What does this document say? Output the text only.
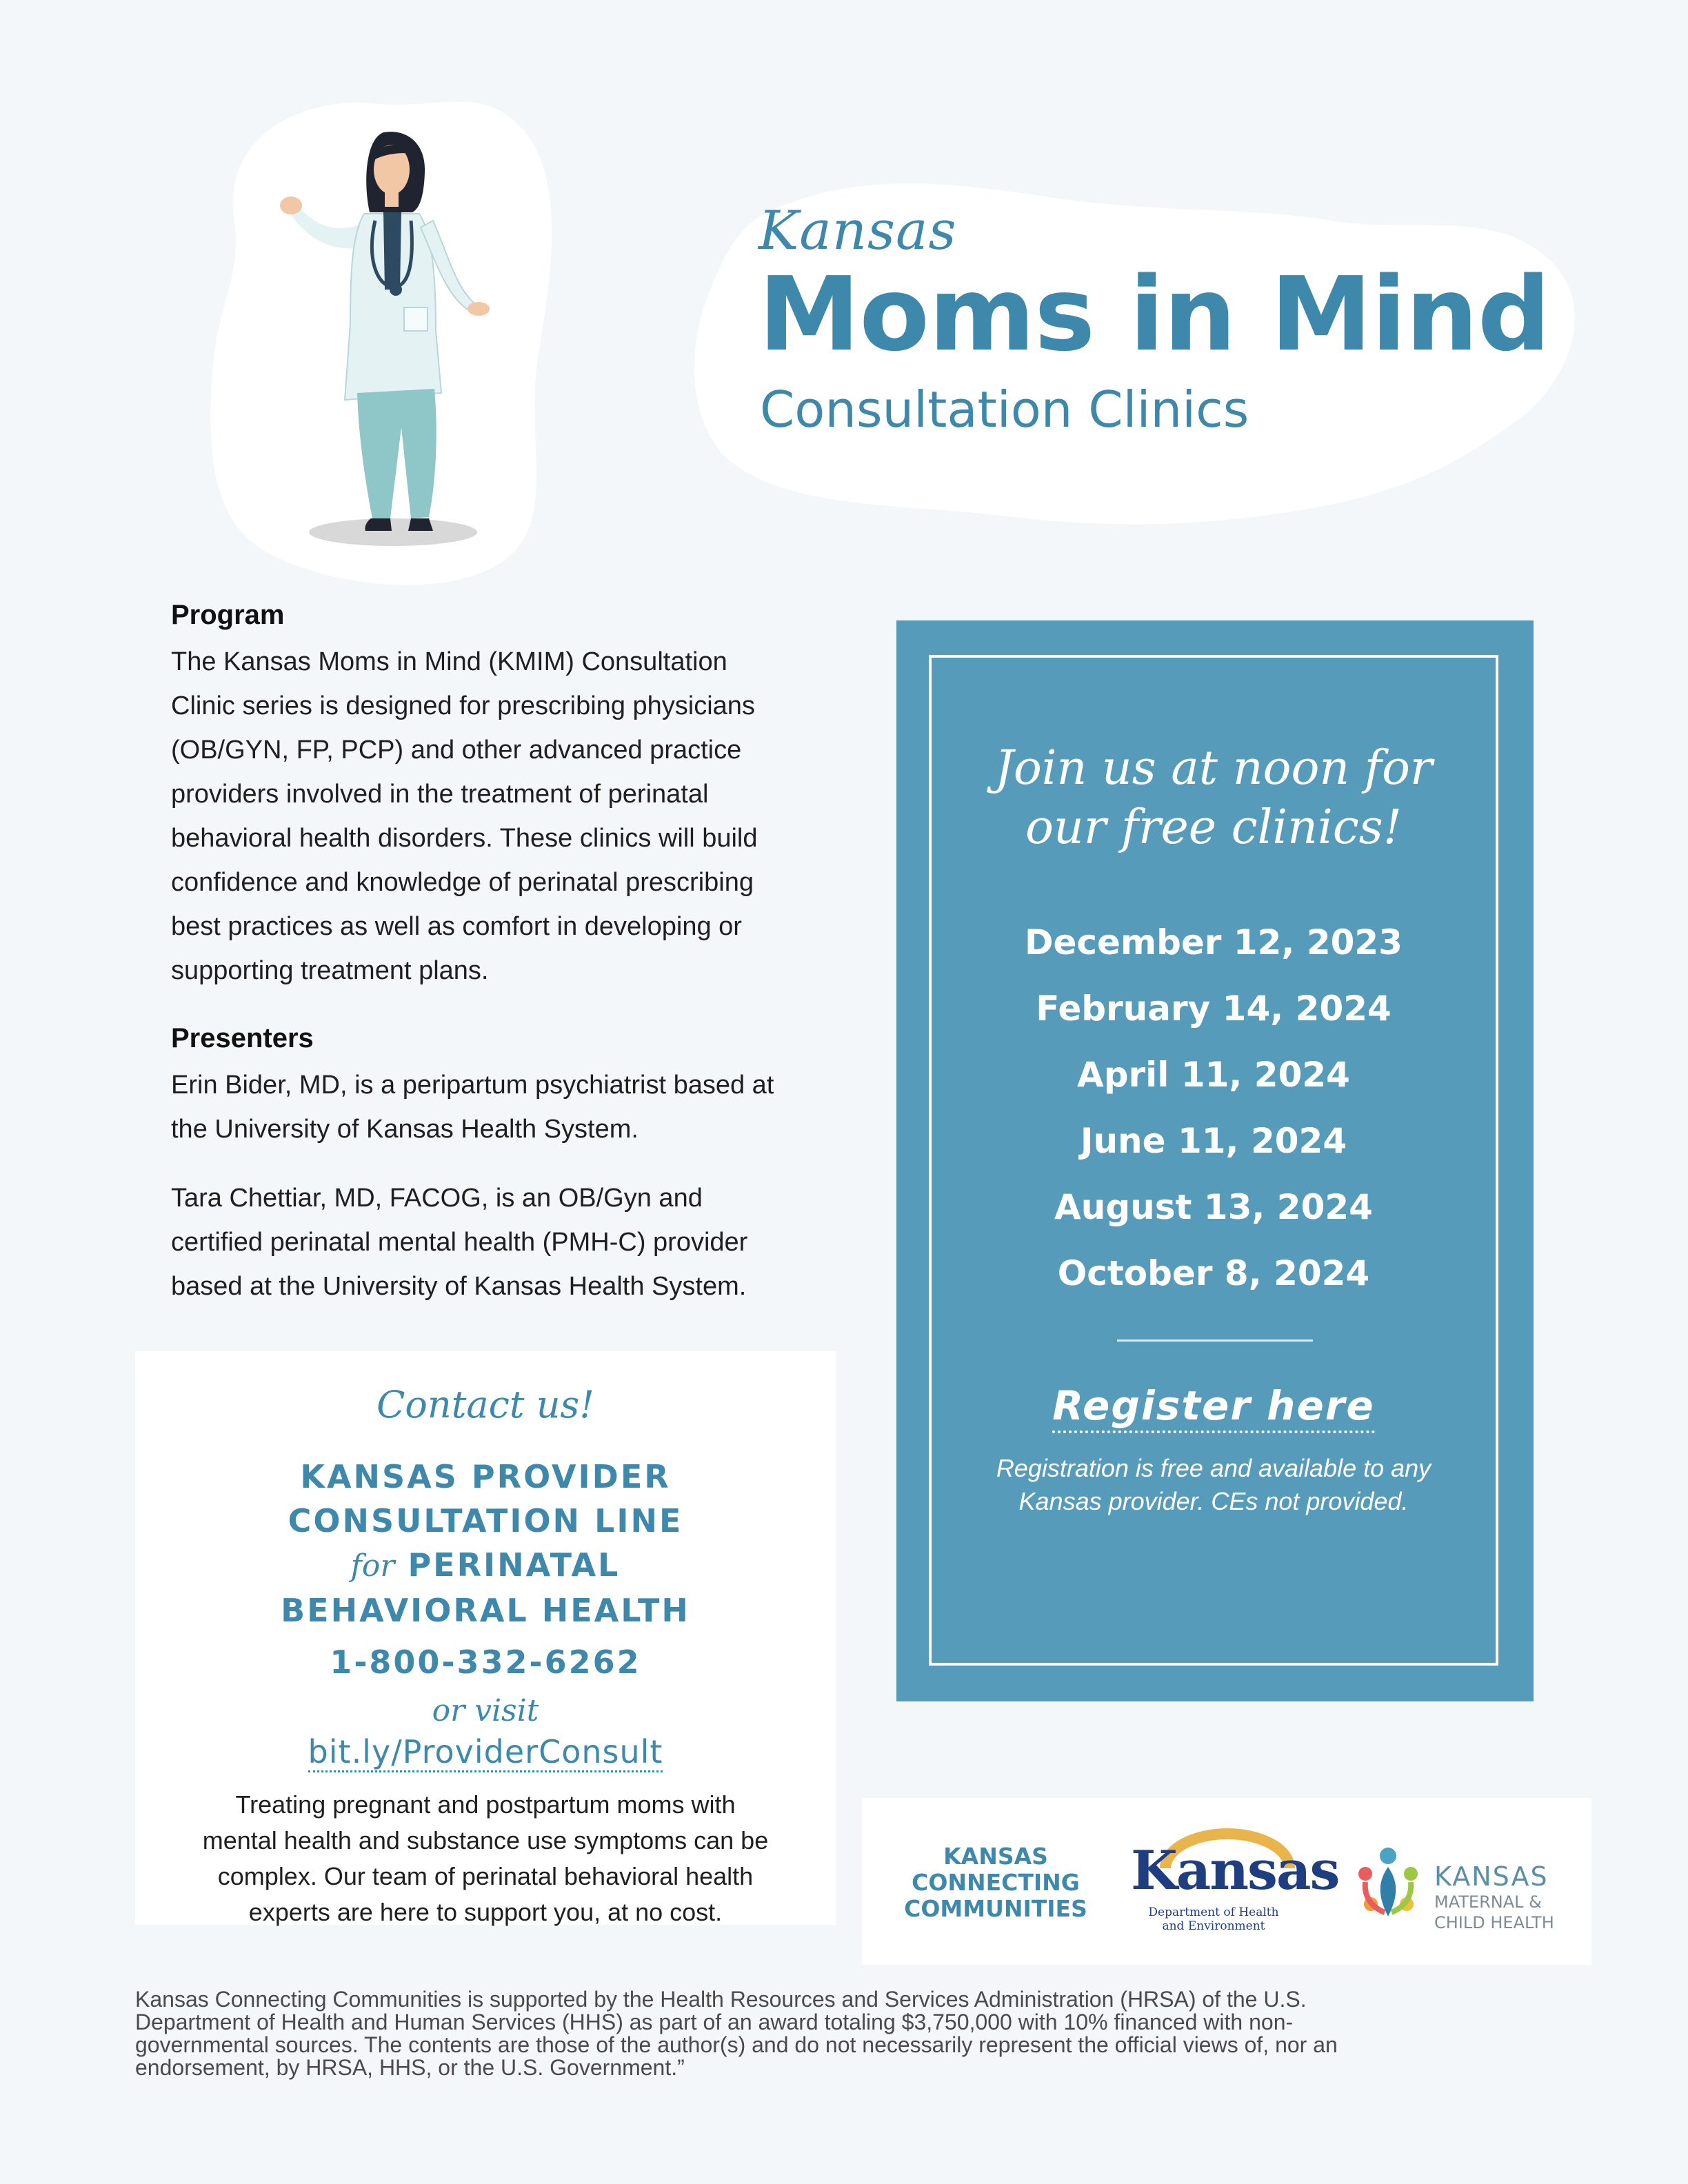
Kansas
Moms in Mind
Consultation Clinics
Program
The Kansas Moms in Mind (KMIM) Consultation
Clinic series is designed for prescribing physicians
(OB/GYN, FP, PCP) and other advanced practice
providers involved in the treatment of perinatal
behavioral health disorders. These clinics will build
confidence and knowledge of perinatal prescribing
best practices as well as comfort in developing or
supporting treatment plans.
Presenters
Erin Bider, MD, is a peripartum psychiatrist based at
the University of Kansas Health System.
Tara Chettiar, MD, FACOG, is an OB/Gyn and
certified perinatal mental health (PMH-C) provider
based at the University of Kansas Health System.
Join us at noon for
our free clinics!
December 12, 2023
February 14, 2024
April 11, 2024
June 11, 2024
August 13, 2024
October 8, 2024
Register here
Registration is free and available to any
Kansas provider. CEs not provided.
Contact us!
KANSAS PROVIDER
CONSULTATION LINE
for PERINATAL
BEHAVIORAL HEALTH
1-800-332-6262
or visit
bit.ly/ProviderConsult
Treating pregnant and postpartum moms with
mental health and substance use symptoms can be
complex. Our team of perinatal behavioral health
experts are here to support you, at no cost.
KANSAS
CONNECTING
COMMUNITIES
Kansas
Department of Health
and Environment
KANSAS
MATERNAL &
CHILD HEALTH
Kansas Connecting Communities is supported by the Health Resources and Services Administration (HRSA) of the U.S.
Department of Health and Human Services (HHS) as part of an award totaling $3,750,000 with 10% financed with non-
governmental sources. The contents are those of the author(s) and do not necessarily represent the official views of, nor an
endorsement, by HRSA, HHS, or the U.S. Government.”
